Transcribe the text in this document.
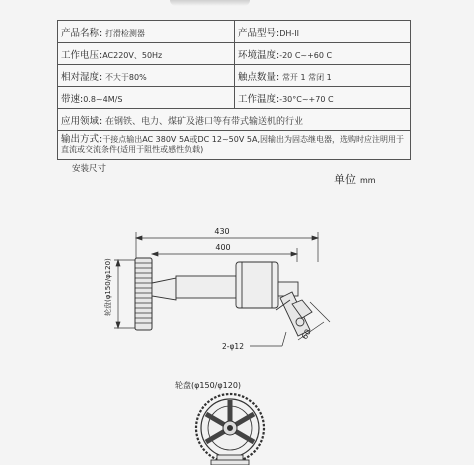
产品名称: 打滑检测器	产品型号:DH-II
工作电压:AC220V、50Hz	环境温度:-20 C~+60 C
相对湿度: 不大于80%	触点数量: 常开 1 常闭 1
带速:0.8~4M/S	工作温度:-30°C~+70 C
应用领域: 在钢铁、电力、煤矿及港口等有带式输送机的行业	
输出方式:干接点输出AC 380V 5A或DC 12~50V 5A,因输出为固态继电器，选购时应注明用于直流或交流条件(适用于阻性或感性负载)	
安装尺寸
单位 mm
430
400
轮盘(φ150/φ120)
60
2-φ12
轮盘(φ150/φ120)
